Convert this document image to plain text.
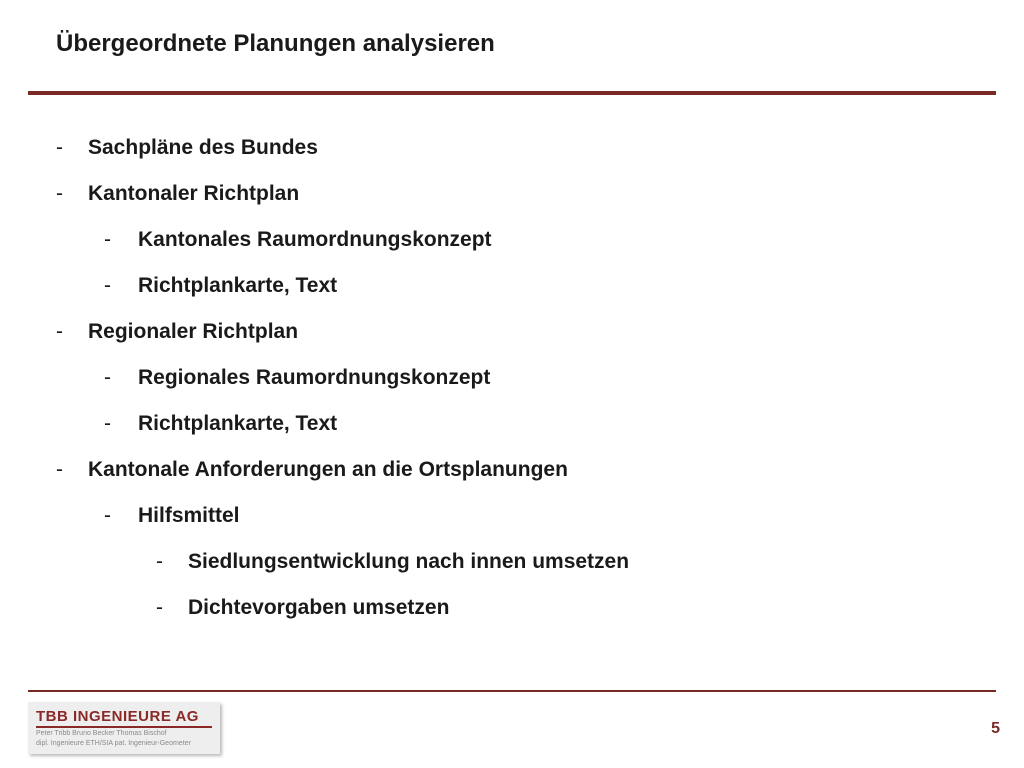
Übergeordnete Planungen analysieren
- Sachpläne des Bundes
- Kantonaler Richtplan
- Kantonales Raumordnungskonzept
- Richtplankarte, Text
- Regionaler Richtplan
- Regionales Raumordnungskonzept
- Richtplankarte, Text
- Kantonale Anforderungen an die Ortsplanungen
- Hilfsmittel
- Siedlungsentwicklung nach innen umsetzen
- Dichtevorgaben umsetzen
TBB INGENIEURE AG
Peter Tribb Bruno Becker Thomas Bischof
dipl. Ingenieure ETH/SIA pat. Ingenieur-Geometer
5
